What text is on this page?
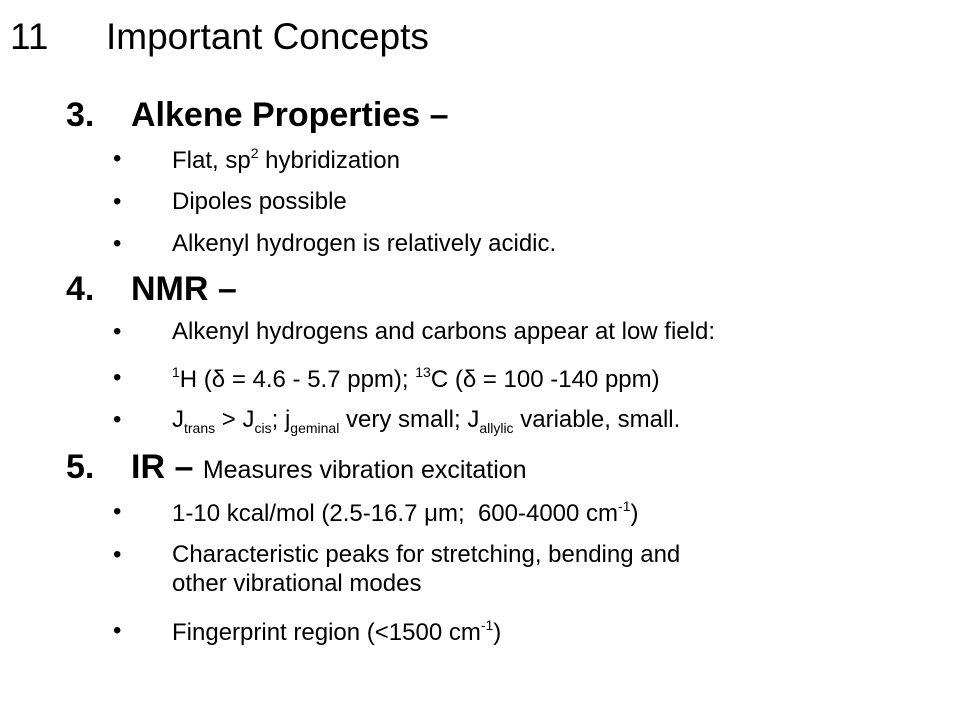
11 Important Concepts
3. Alkene Properties –
• Flat, $sp^2$ hybridization
• Dipoles possible
• Alkenyl hydrogen is relatively acidic.
4. NMR –
• Alkenyl hydrogens and carbons appear at low field:
•	$^1$H (δ = 4.6 - 5.7 ppm); $^{13}$C (δ = 100 -140 ppm)
• $J_{trans} > J_{cis}$; $j_{geminal}$ very small; $J_{allylic}$ variable, small.
5. IR – Measures vibration excitation
• 1-10 kcal/mol (2.5-16.7 μm;  600-4000 $cm^{-1}$)
• Characteristic peaks for stretching, bending and
other vibrational modes
• Fingerprint region (<1500 $cm^{-1}$)
